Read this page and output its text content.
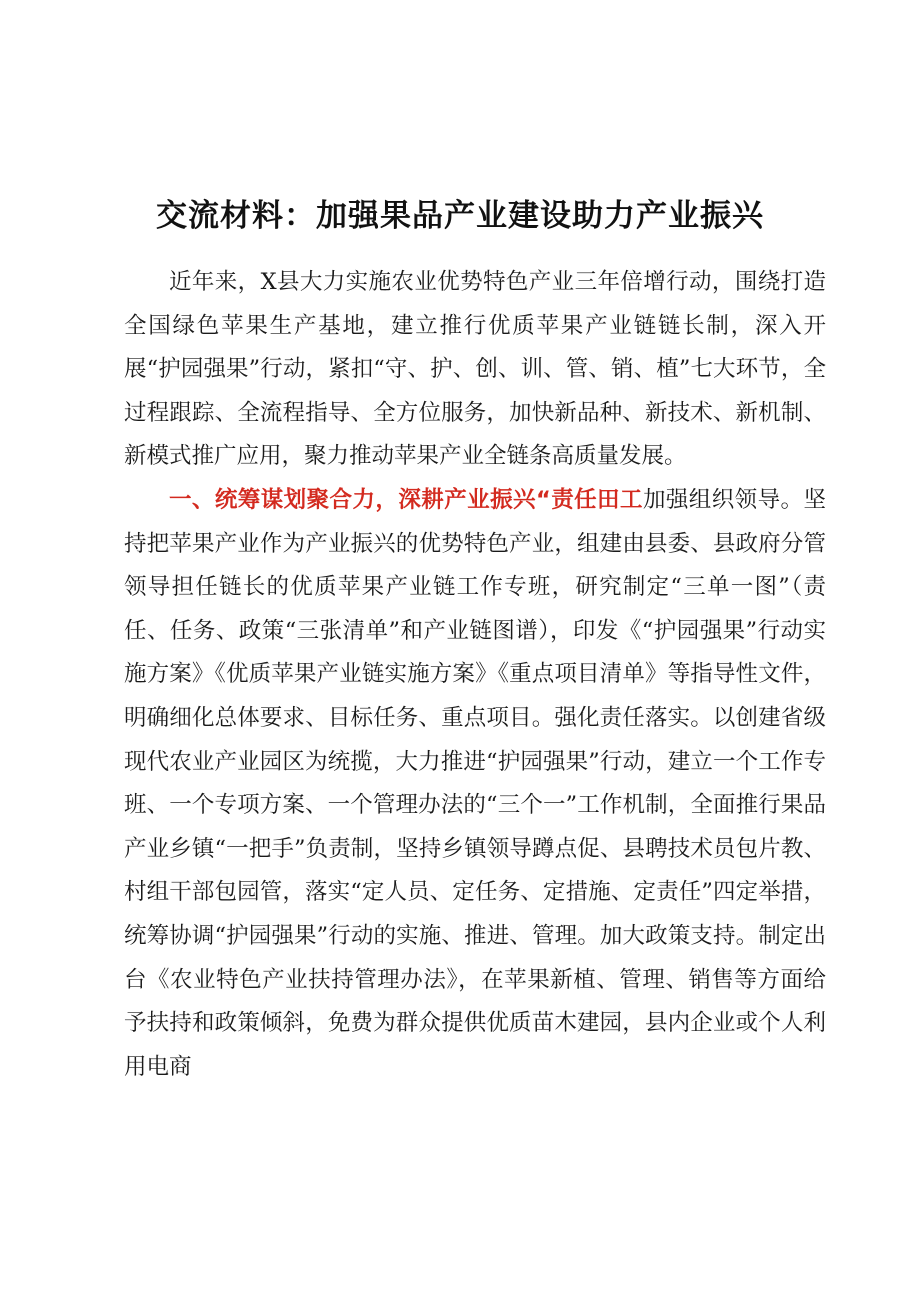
交流材料：加强果品产业建设助力产业振兴

近年来，X县大力实施农业优势特色产业三年倍增行动，围绕打造全国绿色苹果生产基地，建立推行优质苹果产业链链长制，深入开展“护园强果”行动，紧扣“守、护、创、训、管、销、植”七大环节，全过程跟踪、全流程指导、全方位服务，加快新品种、新技术、新机制、新模式推广应用，聚力推动苹果产业全链条高质量发展。

一、统筹谋划聚合力，深耕产业振兴“责任田工加强组织领导。坚持把苹果产业作为产业振兴的优势特色产业，组建由县委、县政府分管领导担任链长的优质苹果产业链工作专班，研究制定“三单一图”（责任、任务、政策“三张清单”和产业链图谱），印发《“护园强果”行动实施方案》《优质苹果产业链实施方案》《重点项目清单》等指导性文件，明确细化总体要求、目标任务、重点项目。强化责任落实。以创建省级现代农业产业园区为统揽，大力推进“护园强果”行动，建立一个工作专班、一个专项方案、一个管理办法的“三个一”工作机制，全面推行果品产业乡镇“一把手”负责制，坚持乡镇领导蹲点促、县聘技术员包片教、村组干部包园管，落实“定人员、定任务、定措施、定责任”四定举措，统筹协调“护园强果”行动的实施、推进、管理。加大政策支持。制定出台《农业特色产业扶持管理办法》，在苹果新植、管理、销售等方面给予扶持和政策倾斜，免费为群众提供优质苗木建园，县内企业或个人利用电商
